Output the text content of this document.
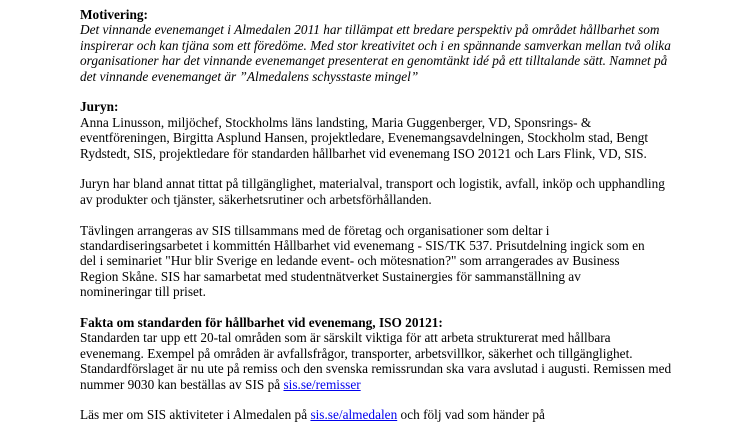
Motivering:
Det vinnande evenemanget i Almedalen 2011 har tillämpat ett bredare perspektiv på området hållbarhet som
inspirerar och kan tjäna som ett föredöme. Med stor kreativitet och i en spännande samverkan mellan två olika
organisationer har det vinnande evenemanget presenterat en genomtänkt idé på ett tilltalande sätt. Namnet på
det vinnande evenemanget är ”Almedalens schysstaste mingel”
Juryn:
Anna Linusson, miljöchef, Stockholms läns landsting, Maria Guggenberger, VD, Sponsrings- &
eventföreningen, Birgitta Asplund Hansen, projektledare, Evenemangsavdelningen, Stockholm stad, Bengt
Rydstedt, SIS, projektledare för standarden hållbarhet vid evenemang ISO 20121 och Lars Flink, VD, SIS.
Juryn har bland annat tittat på tillgänglighet, materialval, transport och logistik, avfall, inköp och upphandling
av produkter och tjänster, säkerhetsrutiner och arbetsförhållanden.
Tävlingen arrangeras av SIS tillsammans med de företag och organisationer som deltar i
standardiseringsarbetet i kommittén Hållbarhet vid evenemang - SIS/TK 537. Prisutdelning ingick som en
del i seminariet "Hur blir Sverige en ledande event- och mötesnation?" som arrangerades av Business
Region Skåne. SIS har samarbetat med studentnätverket Sustainergies för sammanställning av
nomineringar till priset.
Fakta om standarden för hållbarhet vid evenemang, ISO 20121:
Standarden tar upp ett 20-tal områden som är särskilt viktiga för att arbeta strukturerat med hållbara
evenemang. Exempel på områden är avfallsfrågor, transporter, arbetsvillkor, säkerhet och tillgänglighet.
Standardförslaget är nu ute på remiss och den svenska remissrundan ska vara avslutad i augusti. Remissen med
nummer 9030 kan beställas av SIS på sis.se/remisser
Läs mer om SIS aktiviteter i Almedalen på sis.se/almedalen och följ vad som händer på
